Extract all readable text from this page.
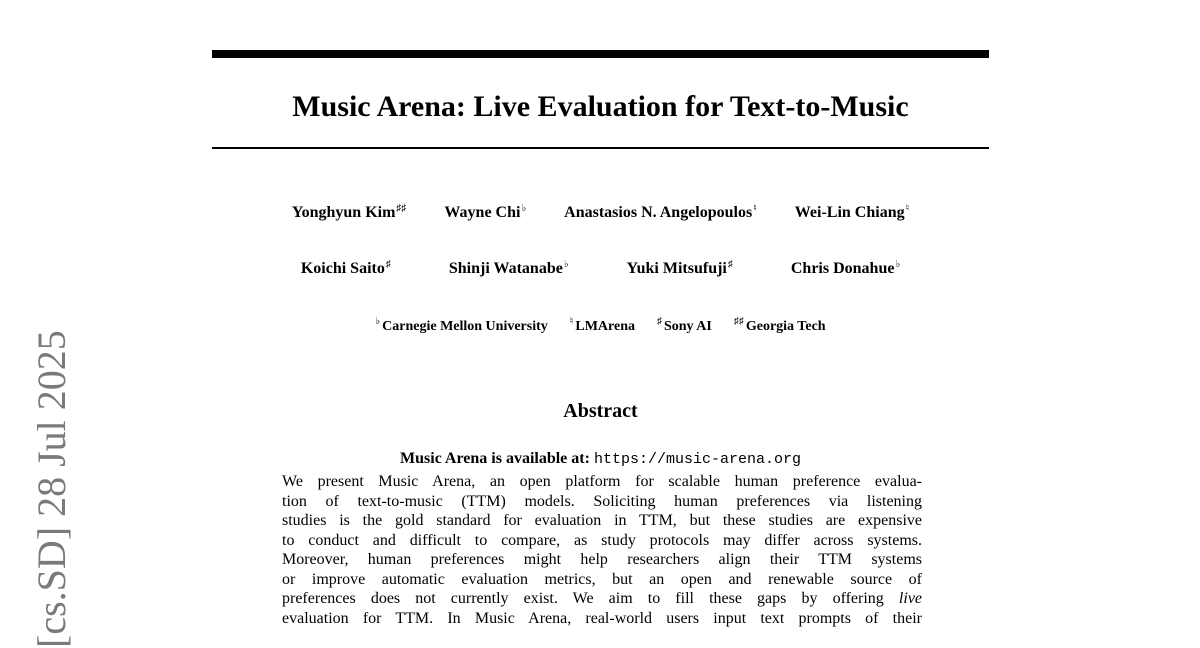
[cs.SD] 28 Jul 2025
Music Arena: Live Evaluation for Text-to-Music
Yonghyun Kim♯♯ Wayne Chi♭ Anastasios N. Angelopoulos♮ Wei-Lin Chiang♮
Koichi Saito♯	Shinji Watanabe♭	Yuki Mitsufuji♯	Chris Donahue♭
♭ Carnegie Mellon University ♮ LMArena ♯ Sony AI ♯♯ Georgia Tech
Abstract
Music Arena is available at: https://music-arena.org
We present Music Arena, an open platform for scalable human preference evalua-
tion of text-to-music (TTM) models. Soliciting human preferences via listening
studies is the gold standard for evaluation in TTM, but these studies are expensive
to conduct and difficult to compare, as study protocols may differ across systems.
Moreover, human preferences might help researchers align their TTM systems
or improve automatic evaluation metrics, but an open and renewable source of
preferences does not currently exist. We aim to fill these gaps by offering live
evaluation for TTM. In Music Arena, real-world users input text prompts of their
